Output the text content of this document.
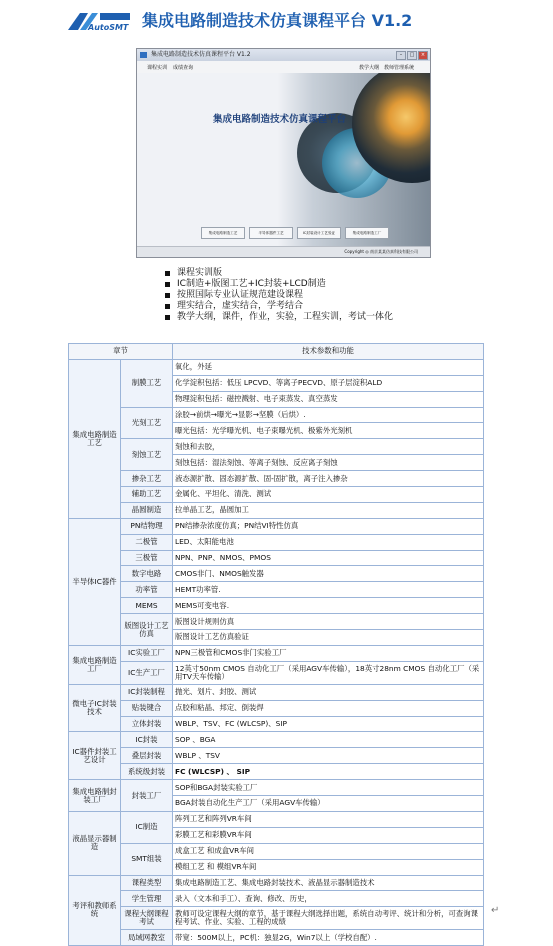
AutoSMT 集成电路制造技术仿真课程平台 V1.2
集成电路制造技术仿真课程平台 V1.2	–	□	×
课程实训 成绩查询	教学大纲 教师管理系统
集成电路制造技术仿真课程平台
集成电路制造工艺	半导体器件工艺	IC封装设计工艺验证	集成电路制造工厂
Copyright ◎ 南京某某仿真科技有限公司
课程实训版
IC制造+版图工艺+IC封装+LCD制造
按照国际专业认证规范建设课程
理实结合，虚实结合，学考结合
教学大纲，课件，作业，实验，工程实训，考试一体化
章节		技术参数和功能
集成电路制造工艺	制膜工艺	氧化，外延
		化学淀积包括：低压 LPCVD、等离子PECVD、原子层淀积ALD
		物理淀积包括：磁控溅射、电子束蒸发、真空蒸发
	光刻工艺	涂胶→前烘→曝光→显影→坚膜（后烘）.
		曝光包括：光学曝光机、电子束曝光机、极紫外光刻机
	刻蚀工艺	刻蚀和去胶，
		刻蚀包括：湿法刻蚀、等离子刻蚀、反应离子刻蚀
	掺杂工艺	液态源扩散、固态源扩散、固-固扩散，离子注入掺杂
	辅助工艺	金属化、平坦化、清洗、测试
	晶圆制造	拉单晶工艺，晶圆加工
半导体IC器件	PN结物理	PN结掺杂浓度仿真；PN结VI特性仿真
	二极管	LED、太阳能电池
	三极管	NPN、PNP、NMOS、PMOS
	数字电路	CMOS非门、NMOS触发器
	功率管	HEMT功率管.
	MEMS	MEMS可变电容.
	版图设计工艺仿真	版图设计规则仿真
		版图设计工艺仿真验证
集成电路制造工厂	IC实验工厂	NPN三极管和CMOS非门实验工厂
	IC生产工厂	12英寸50nm CMOS 自动化工厂（采用AGV车传输），18英寸28nm CMOS 自动化工厂（采用TV天车传输）
微电子IC封装技术	IC封装制程	抛光、划片、封胶、测试
	贴装键合	点胶和粘晶、邦定、倒装焊
	立体封装	WBLP、TSV、FC (WLCSP)、SIP
IC器件封装工艺设计	IC封装	SOP 、BGA
	叠层封装	WBLP 、TSV
	系统级封装	FC (WLCSP) 、 SIP
集成电路制封装工厂	封装工厂	SOP和BGA封装实验工厂
		BGA封装自动化生产工厂（采用AGV车传输）
液晶显示器制造	IC制造	阵列工艺和阵列VR车间
		彩膜工艺和彩膜VR车间
	SMT组装	成盒工艺 和成盒VR车间
		模组工艺 和 模组VR车间
考评和教师系统	课程类型	集成电路制造工艺、集成电路封装技术、液晶显示器制造技术
	学生管理	录入（文本和手工）、查询、修改、历史，
	课程大纲课程考试	教师可设定课程大纲的章节，基于课程大纲选择出题，系统自动考评、统计和分析，可查询课程考试、作业、实验、工程的成绩
	局域网教室	带宽：500M以上，PC机：独显2G，Win7以上（学校自配）.
↵
